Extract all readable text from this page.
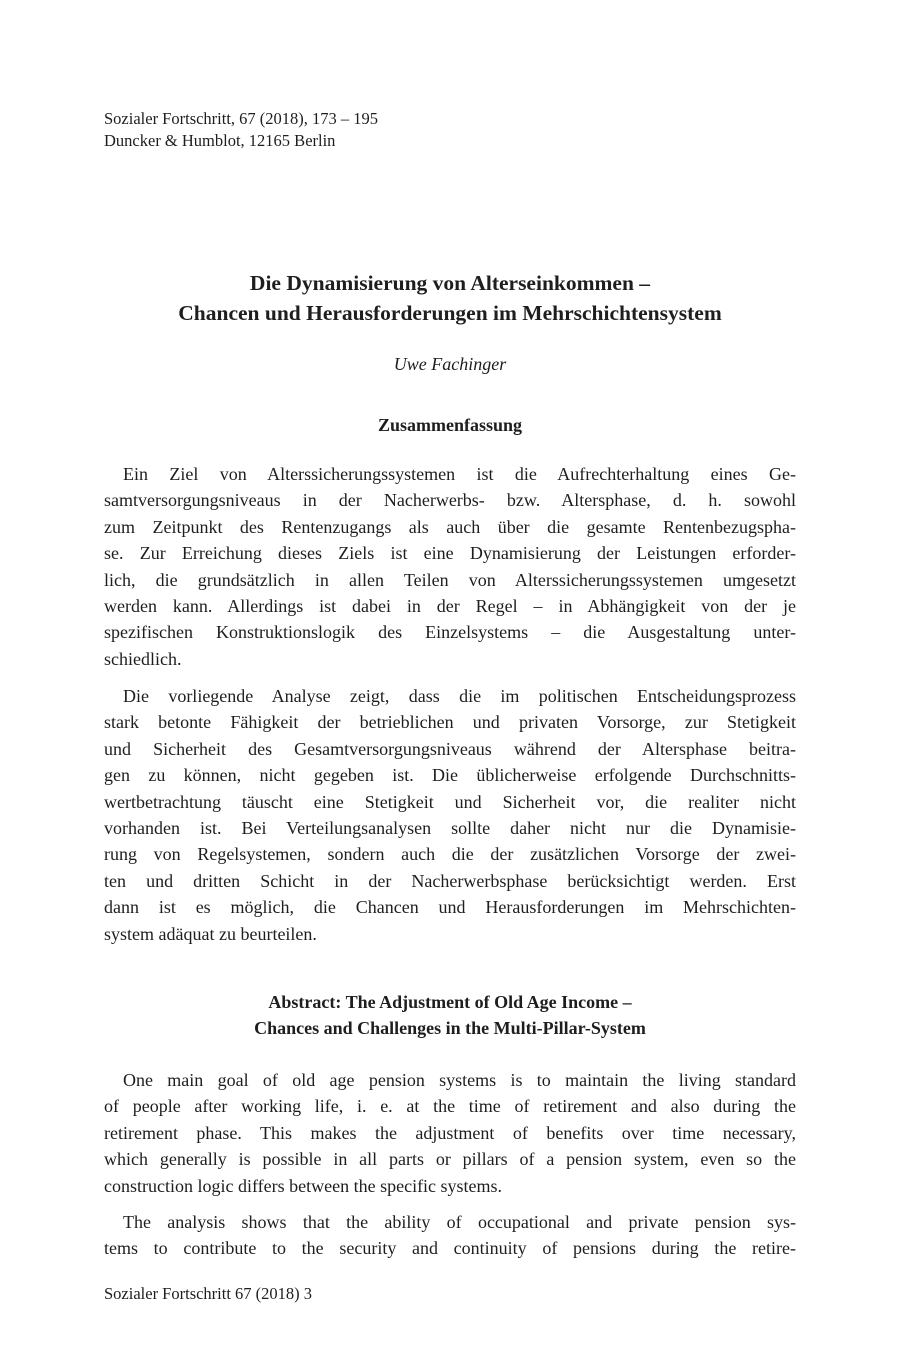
Sozialer Fortschritt, 67 (2018), 173 – 195
Duncker & Humblot, 12165 Berlin
Die Dynamisierung von Alterseinkommen –
Chancen und Herausforderungen im Mehrschichtensystem
Uwe Fachinger
Zusammenfassung
Ein Ziel von Alterssicherungssystemen ist die Aufrechterhaltung eines Ge-
samtversorgungsniveaus in der Nacherwerbs- bzw. Altersphase, d. h. sowohl
zum Zeitpunkt des Rentenzugangs als auch über die gesamte Rentenbezugspha-
se. Zur Erreichung dieses Ziels ist eine Dynamisierung der Leistungen erforder-
lich, die grundsätzlich in allen Teilen von Alterssicherungssystemen umgesetzt
werden kann. Allerdings ist dabei in der Regel – in Abhängigkeit von der je
spezifischen Konstruktionslogik des Einzelsystems – die Ausgestaltung unter-
schiedlich.
Die vorliegende Analyse zeigt, dass die im politischen Entscheidungsprozess
stark betonte Fähigkeit der betrieblichen und privaten Vorsorge, zur Stetigkeit
und Sicherheit des Gesamtversorgungsniveaus während der Altersphase beitra-
gen zu können, nicht gegeben ist. Die üblicherweise erfolgende Durchschnitts-
wertbetrachtung täuscht eine Stetigkeit und Sicherheit vor, die realiter nicht
vorhanden ist. Bei Verteilungsanalysen sollte daher nicht nur die Dynamisie-
rung von Regelsystemen, sondern auch die der zusätzlichen Vorsorge der zwei-
ten und dritten Schicht in der Nacherwerbsphase berücksichtigt werden. Erst
dann ist es möglich, die Chancen und Herausforderungen im Mehrschichten-
system adäquat zu beurteilen.
Abstract: The Adjustment of Old Age Income –
Chances and Challenges in the Multi-Pillar-System
One main goal of old age pension systems is to maintain the living standard
of people after working life, i. e. at the time of retirement and also during the
retirement phase. This makes the adjustment of benefits over time necessary,
which generally is possible in all parts or pillars of a pension system, even so the
construction logic differs between the specific systems.
The analysis shows that the ability of occupational and private pension sys-
tems to contribute to the security and continuity of pensions during the retire-
Sozialer Fortschritt 67 (2018) 3
